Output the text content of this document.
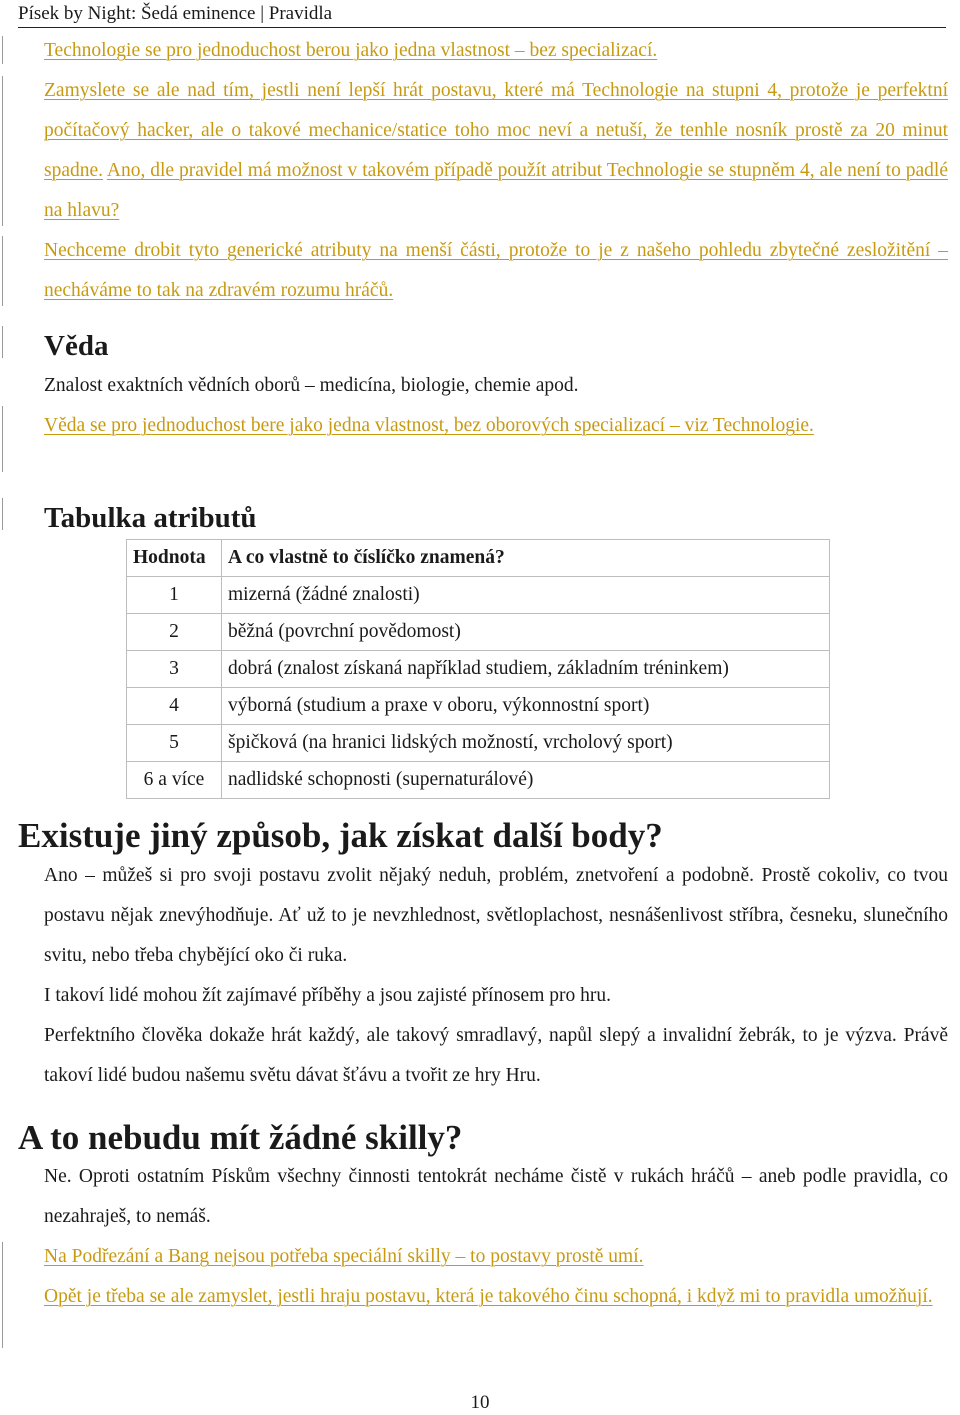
Písek by Night: Šedá eminence | Pravidla

Technologie se pro jednoduchost berou jako jedna vlastnost – bez specializací.

Zamyslete se ale nad tím, jestli není lepší hrát postavu, které má Technologie na stupni 4, protože je perfektní počítačový hacker, ale o takové mechanice/statice toho moc neví a netuší, že tenhle nosník prostě za 20 minut spadne. Ano, dle pravidel má možnost v takovém případě použít atribut Technologie se stupněm 4, ale není to padlé na hlavu?

Nechceme drobit tyto generické atributy na menší části, protože to je z našeho pohledu zbytečné zesložitění – necháváme to tak na zdravém rozumu hráčů.

Věda

Znalost exaktních vědních oborů – medicína, biologie, chemie apod.

Věda se pro jednoduchost bere jako jedna vlastnost, bez oborových specializací – viz Technologie.

Tabulka atributů

Hodnota	A co vlastně to číslíčko znamená?
1	mizerná (žádné znalosti)
2	běžná (povrchní povědomost)
3	dobrá (znalost získaná například studiem, základním tréninkem)
4	výborná (studium a praxe v oboru, výkonnostní sport)
5	špičková (na hranici lidských možností, vrcholový sport)
6 a více	nadlidské schopnosti (supernaturálové)

Existuje jiný způsob, jak získat další body?

Ano – můžeš si pro svoji postavu zvolit nějaký neduh, problém, znetvoření a podobně. Prostě cokoliv, co tvou postavu nějak znevýhodňuje. Ať už to je nevzhlednost, světloplachost, nesnášenlivost stříbra, česneku, slunečního svitu, nebo třeba chybějící oko či ruka.

I takoví lidé mohou žít zajímavé příběhy a jsou zajisté přínosem pro hru.

Perfektního člověka dokaže hrát každý, ale takový smradlavý, napůl slepý a invalidní žebrák, to je výzva. Právě takoví lidé budou našemu světu dávat šťávu a tvořit ze hry Hru.

A to nebudu mít žádné skilly?

Ne. Oproti ostatním Pískům všechny činnosti tentokrát necháme čistě v rukách hráčů – aneb podle pravidla, co nezahraješ, to nemáš.

Na Podřezání a Bang nejsou potřeba speciální skilly – to postavy prostě umí.

Opět je třeba se ale zamyslet, jestli hraju postavu, která je takového činu schopná, i když mi to pravidla umožňují.

10
